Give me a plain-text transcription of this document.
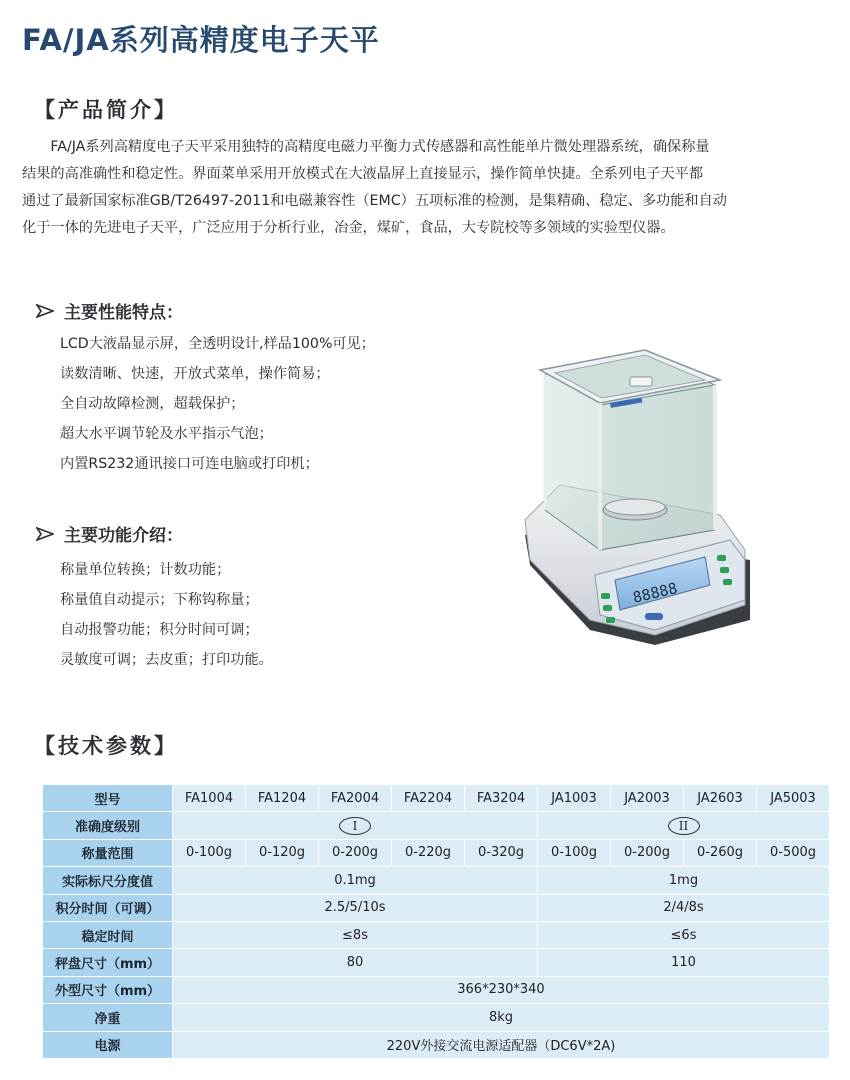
FA/JA系列高精度电子天平
【产品简介】

　　FA/JA系列高精度电子天平采用独特的高精度电磁力平衡力式传感器和高性能单片微处理器系统，确保称量
结果的高准确性和稳定性。界面菜单采用开放模式在大液晶屏上直接显示，操作简单快捷。全系列电子天平都
通过了最新国家标准GB/T26497-2011和电磁兼容性（EMC）五项标准的检测，是集精确、稳定、多功能和自动
化于一体的先进电子天平，广泛应用于分析行业，冶金，煤矿，食品，大专院校等多领域的实验型仪器。

主要性能特点：
LCD大液晶显示屏，全透明设计,样品100%可见；
读数清晰、快速，开放式菜单，操作简易；
全自动故障检测，超载保护；
超大水平调节轮及水平指示气泡；
内置RS232通讯接口可连电脑或打印机；
主要功能介绍：
称量单位转换；计数功能；
称量值自动提示；下称钩称量；
自动报警功能；积分时间可调；
灵敏度可调；去皮重；打印功能。
88888
【技术参数】
型号	FA1004	FA1204	FA2004	FA2204	FA3204	JA1003	JA2003	JA2603	JA5003
准确度级别	I					II			
称量范围	0-100g	0-120g	0-200g	0-220g	0-320g	0-100g	0-200g	0-260g	0-500g
实际标尺分度值	0.1mg					1mg			
积分时间（可调）	2.5/5/10s					2/4/8s			
稳定时间	≤8s					≤6s			
秤盘尺寸（mm）	80					110			
外型尺寸（mm）	366*230*340								
净重	8kg								
电源	220V外接交流电源适配器（DC6V*2A)								
